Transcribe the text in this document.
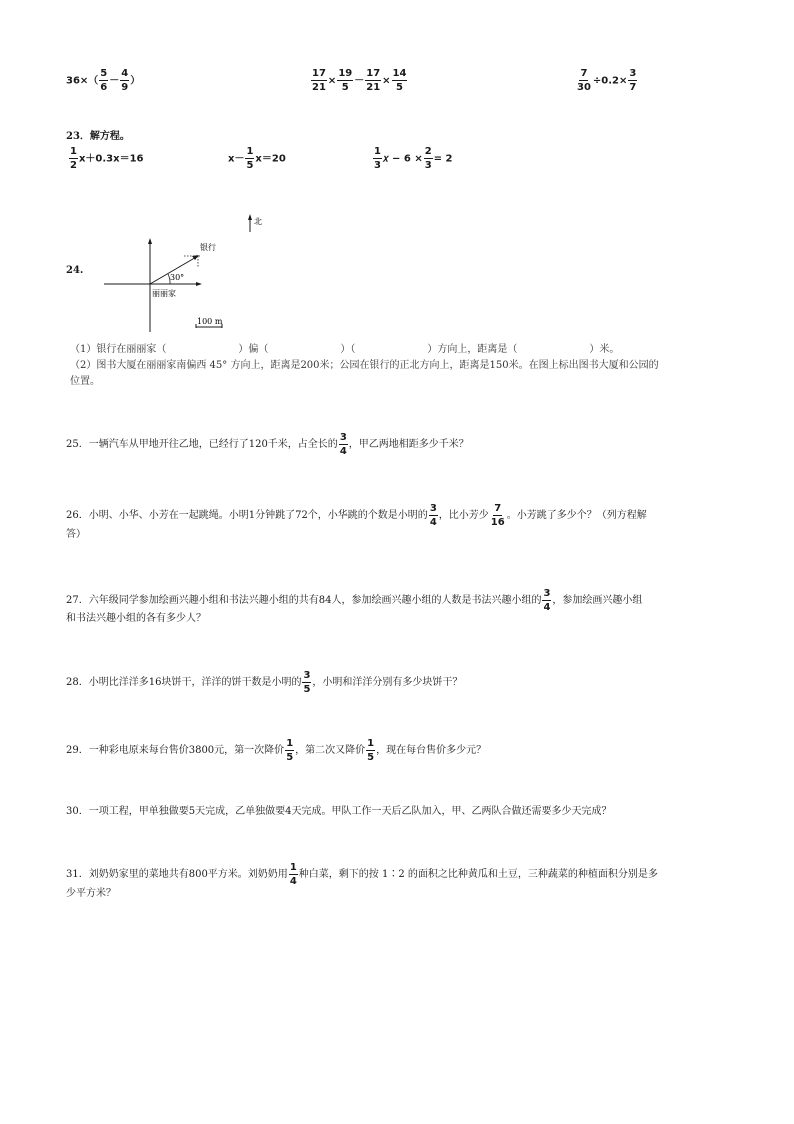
$36\times( \frac{5}{6} - \frac{4}{9}$ ）	$\frac{17}{21} \times \frac{19}{5} - \frac{17}{21} \times \frac{14}{5}$	$\frac{7}{30} \div 0.2\times \frac{3}{7}$
23．解方程。
$\frac{1}{2} x+0.3x=16$	$x- \frac{1}{5} x=20$	$\frac{1}{3}$ 𝑥 − $6 \times \frac{2}{3} = 2$
24.
北
银行
30°
丽丽家
100 m
（1）银行在丽丽家（	）偏（	）（	）方向上，距离是（	）米。
（2）图书大厦在丽丽家南偏西 45° 方向上，距离是200米；公园在银行的正北方向上，距离是150米。在图上标出图书大厦和公园的
位置。
25．一辆汽车从甲地开往乙地，已经行了120千米，占全长的 $\frac{3}{4}$ ，甲乙两地相距多少千米？
26．小明、小华、小芳在一起跳绳。小明1分钟跳了72个，小华跳的个数是小明的 $\frac{3}{4}$ ，比小芳少 $\frac{7}{16}$ 。小芳跳了多少个？（列方程解
答）
27．六年级同学参加绘画兴趣小组和书法兴趣小组的共有84人，参加绘画兴趣小组的人数是书法兴趣小组的 $\frac{3}{4}$ ，参加绘画兴趣小组
和书法兴趣小组的各有多少人？
28．小明比洋洋多16块饼干，洋洋的饼干数是小明的 $\frac{3}{5}$ ，小明和洋洋分别有多少块饼干？
29．一种彩电原来每台售价3800元，第一次降价 $\frac{1}{5}$ ，第二次又降价 $\frac{1}{5}$ ，现在每台售价多少元？
30．一项工程，甲单独做要5天完成，乙单独做要4天完成。甲队工作一天后乙队加入，甲、乙两队合做还需要多少天完成？
31．刘奶奶家里的菜地共有800平方米。刘奶奶用 $\frac{1}{4}$ 种白菜，剩下的按 1∶2 的面积之比种黄瓜和土豆，三种蔬菜的种植面积分别是多
少平方米？
